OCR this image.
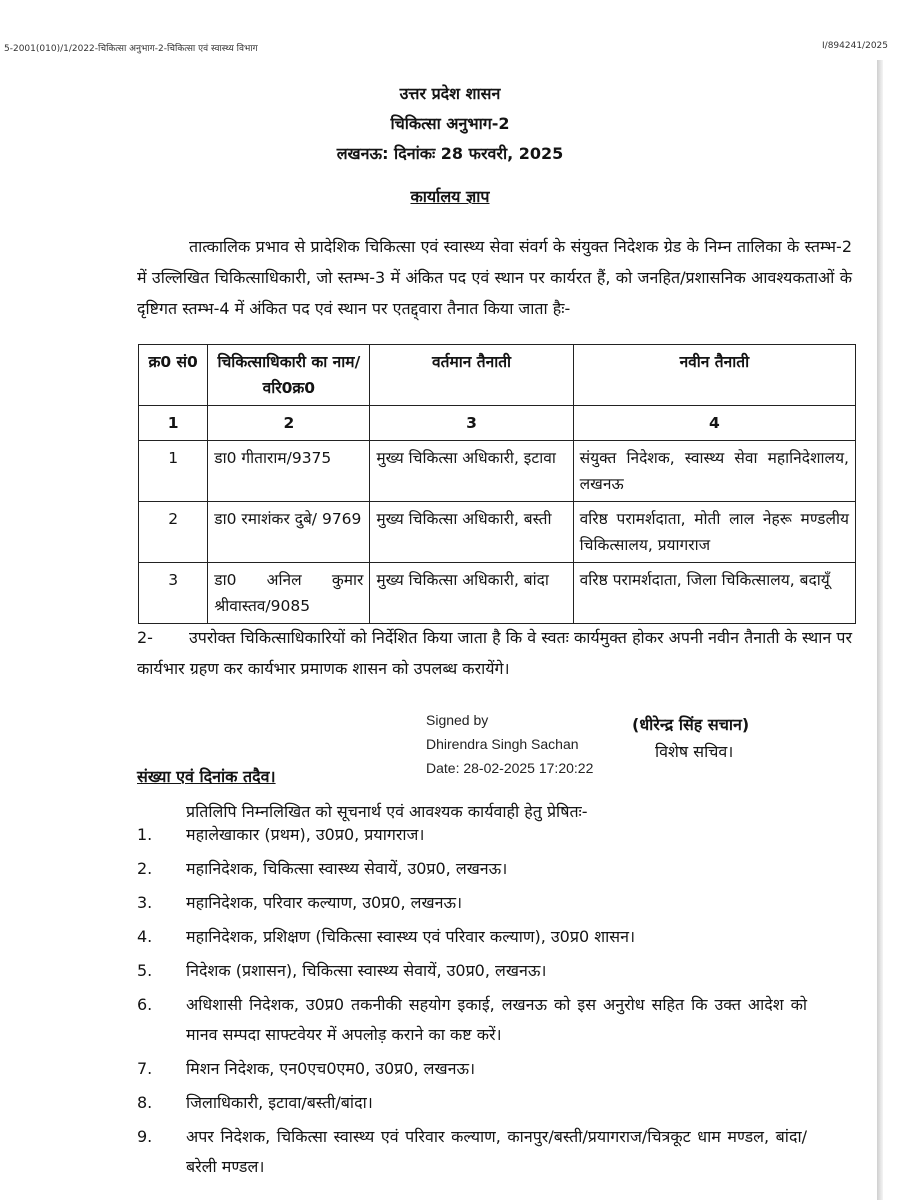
5-2001(010)/1/2022-चिकित्सा अनुभाग-2-चिकित्सा एवं स्वास्थ्य विभाग	I/894241/2025
उत्तर प्रदेश शासन
चिकित्सा अनुभाग-2
लखनऊ: दिनांकः 28 फरवरी, 2025
कार्यालय ज्ञाप
तात्कालिक प्रभाव से प्रादेशिक चिकित्सा एवं स्वास्थ्य सेवा संवर्ग के संयुक्त निदेशक ग्रेड के निम्न तालिका के स्तम्भ-2 में उल्लिखित चिकित्साधिकारी, जो स्तम्भ-3 में अंकित पद एवं स्थान पर कार्यरत हैं, को जनहित/प्रशासनिक आवश्यकताओं के दृष्टिगत स्तम्भ-4 में अंकित पद एवं स्थान पर एतद्द्वारा तैनात किया जाता हैः-
क्र0 सं0	चिकित्साधिकारी का नाम/ वरि0क्र0	वर्तमान तैनाती	नवीन तैनाती
1	2	3	4
1	डा0 गीताराम/9375	मुख्य चिकित्सा अधिकारी, इटावा	संयुक्त निदेशक, स्वास्थ्य सेवा महानिदेशालय, लखनऊ
2	डा0 रमाशंकर दुबे/ 9769	मुख्य चिकित्सा अधिकारी, बस्ती	वरिष्ठ परामर्शदाता, मोती लाल नेहरू मण्डलीय चिकित्सालय, प्रयागराज
3	डा0 अनिल कुमार श्रीवास्तव/9085	मुख्य चिकित्सा अधिकारी, बांदा	वरिष्ठ परामर्शदाता, जिला चिकित्सालय, बदायूँ
2- उपरोक्त चिकित्साधिकारियों को निर्देशित किया जाता है कि वे स्वतः कार्यमुक्त होकर अपनी नवीन तैनाती के स्थान पर कार्यभार ग्रहण कर कार्यभार प्रमाणक शासन को उपलब्ध करायेंगे।
Signed by
Dhirendra Singh Sachan
Date: 28-02-2025 17:20:22
(धीरेन्द्र सिंह सचान)
विशेष सचिव।
संख्या एवं दिनांक तदैव।
प्रतिलिपि निम्नलिखित को सूचनार्थ एवं आवश्यक कार्यवाही हेतु प्रेषितः-
1. महालेखाकार (प्रथम), उ0प्र0, प्रयागराज।
2. महानिदेशक, चिकित्सा स्वास्थ्य सेवायें, उ0प्र0, लखनऊ।
3. महानिदेशक, परिवार कल्याण, उ0प्र0, लखनऊ।
4. महानिदेशक, प्रशिक्षण (चिकित्सा स्वास्थ्य एवं परिवार कल्याण), उ0प्र0 शासन।
5. निदेशक (प्रशासन), चिकित्सा स्वास्थ्य सेवायें, उ0प्र0, लखनऊ।
6. अधिशासी निदेशक, उ0प्र0 तकनीकी सहयोग इकाई, लखनऊ को इस अनुरोध सहित कि उक्त आदेश को मानव सम्पदा साफ्टवेयर में अपलोड़ कराने का कष्ट करें।
7. मिशन निदेशक, एन0एच0एम0, उ0प्र0, लखनऊ।
8. जिलाधिकारी, इटावा/बस्ती/बांदा।
9. अपर निदेशक, चिकित्सा स्वास्थ्य एवं परिवार कल्याण, कानपुर/बस्ती/प्रयागराज/चित्रकूट धाम मण्डल, बांदा/बरेली मण्डल।
